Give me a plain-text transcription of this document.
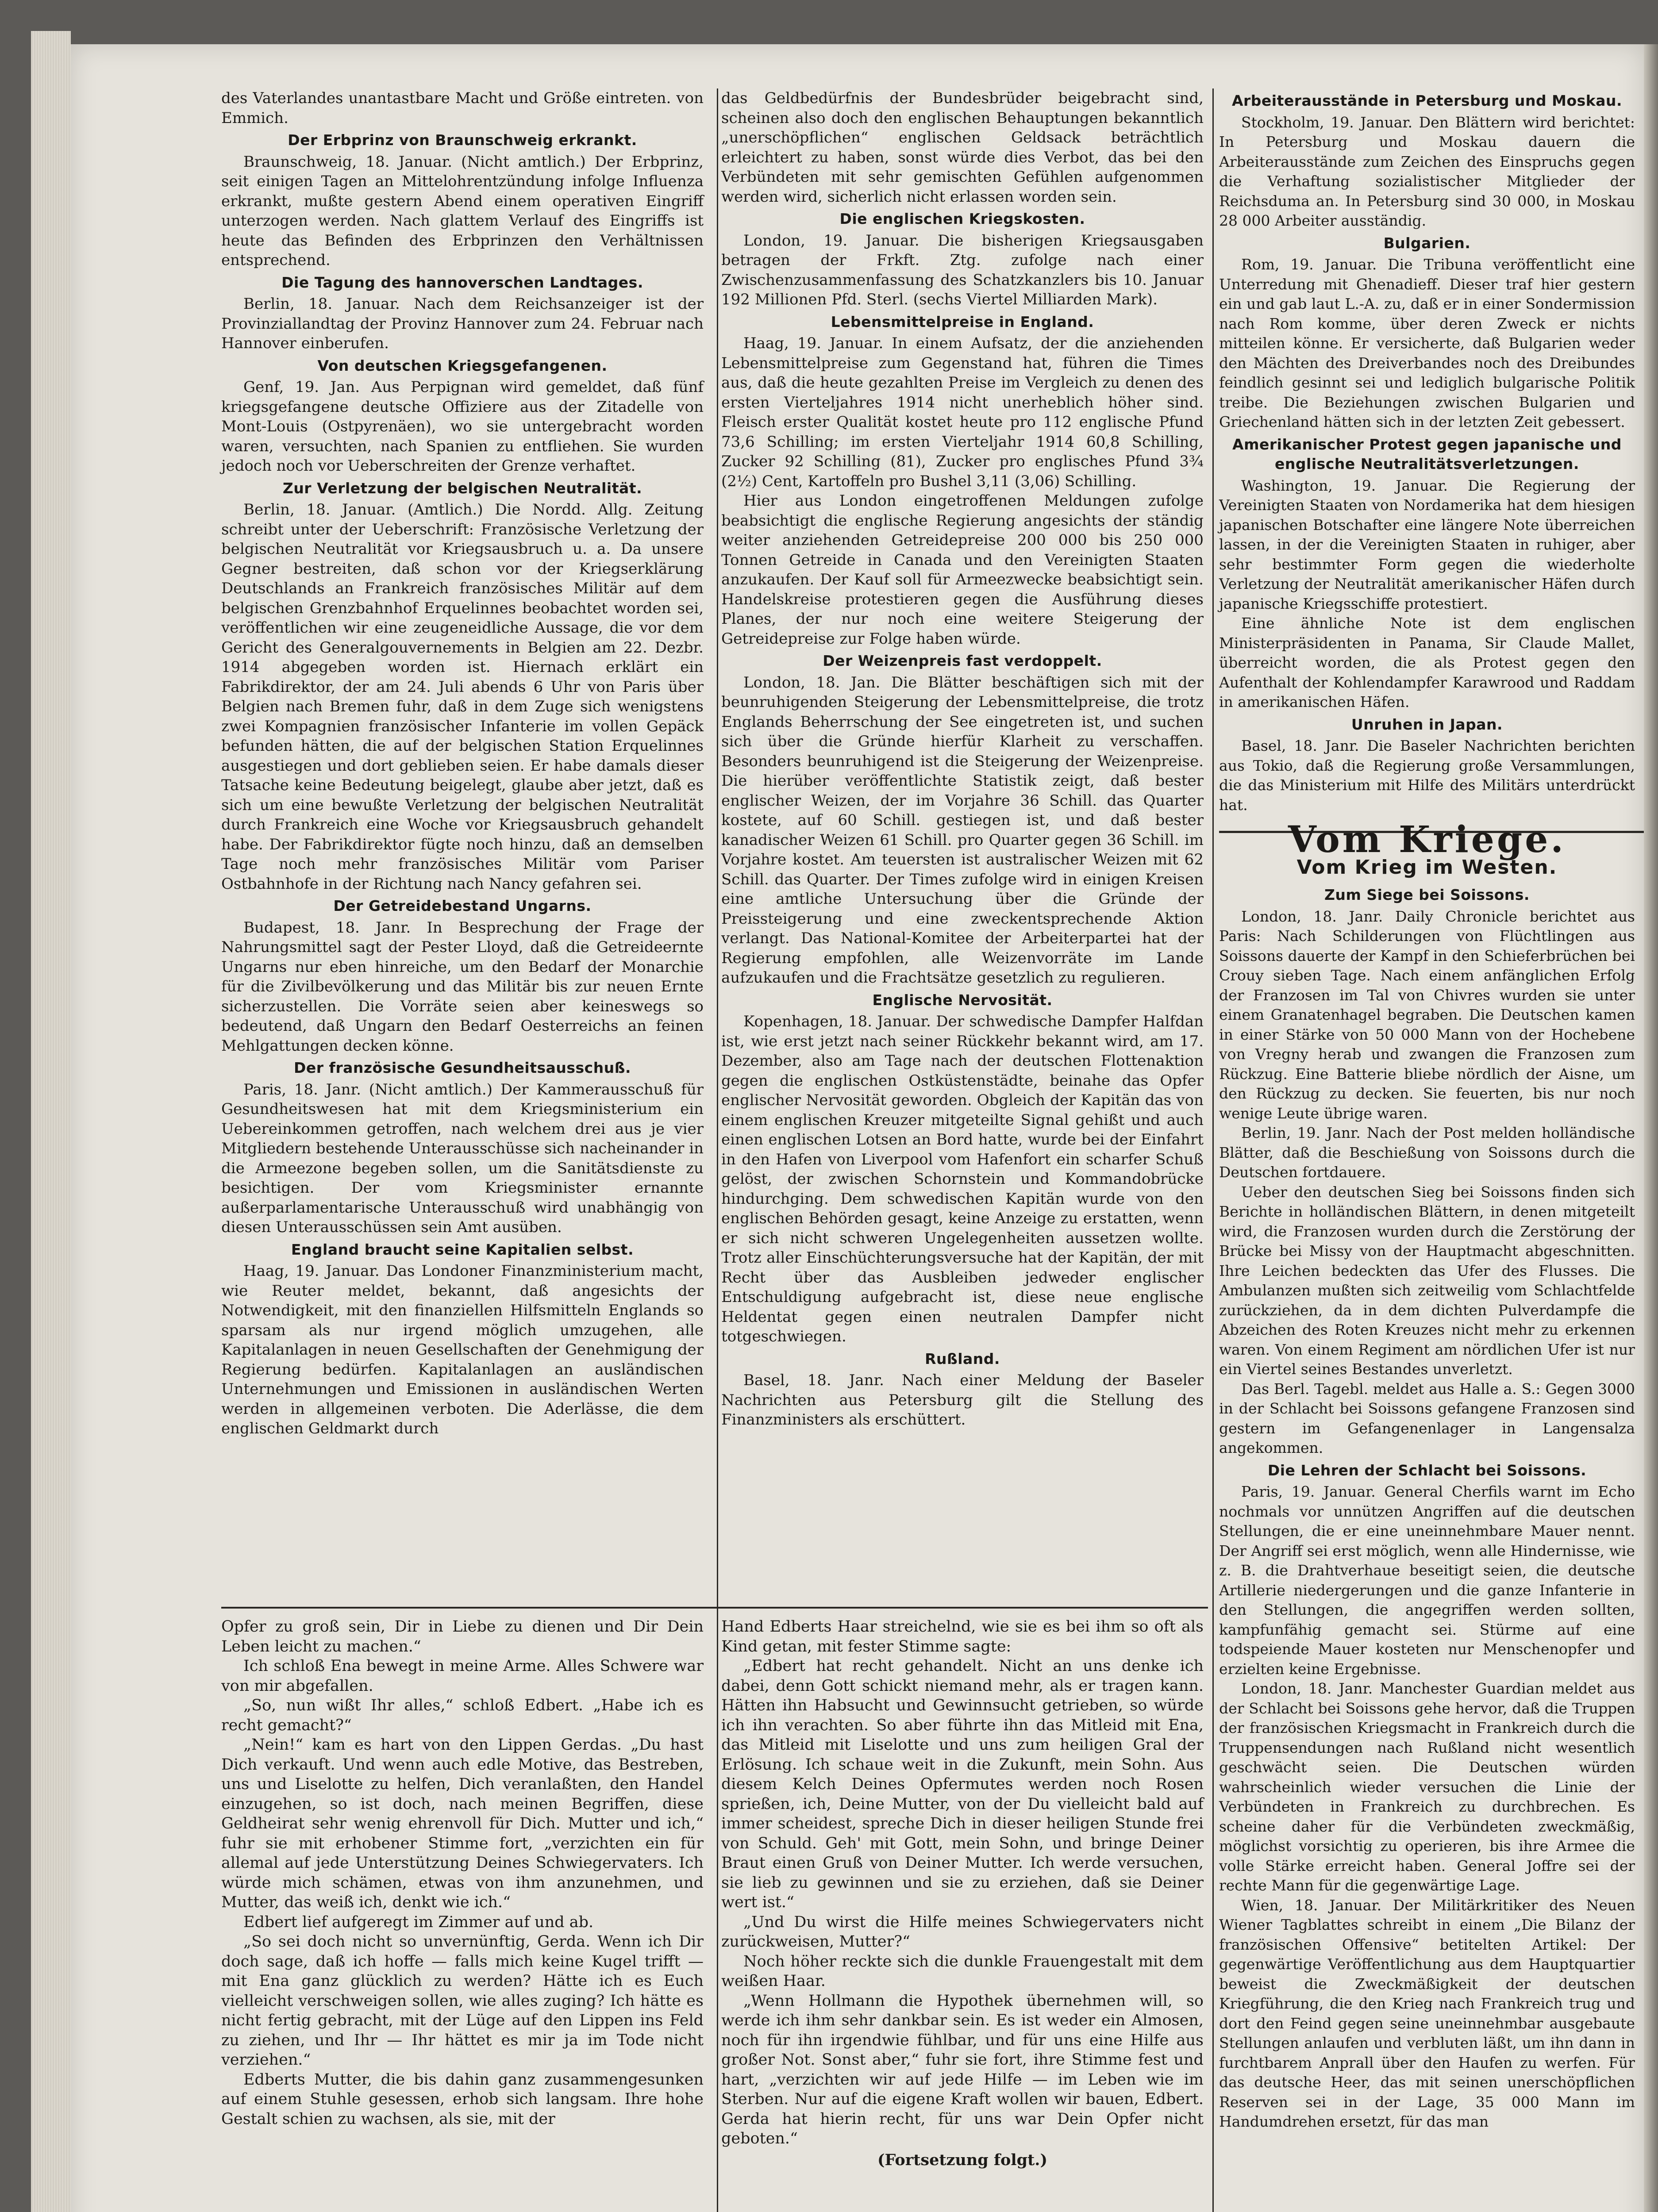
des Vaterlandes unantastbare Macht und Größe eintreten. von Emmich.

Der Erbprinz von Braunschweig erkrankt.

Braunschweig, 18. Januar. (Nicht amtlich.) Der Erbprinz, seit einigen Tagen an Mittelohrentzündung infolge Influenza erkrankt, mußte gestern Abend einem operativen Eingriff unterzogen werden. Nach glattem Verlauf des Eingriffs ist heute das Befinden des Erbprinzen den Verhältnissen entsprechend.

Die Tagung des hannoverschen Landtages.

Berlin, 18. Januar. Nach dem Reichsanzeiger ist der Provinziallandtag der Provinz Hannover zum 24. Februar nach Hannover einberufen.

Von deutschen Kriegsgefangenen.

Genf, 19. Jan. Aus Perpignan wird gemeldet, daß fünf kriegsgefangene deutsche Offiziere aus der Zitadelle von Mont-Louis (Ostpyrenäen), wo sie untergebracht worden waren, versuchten, nach Spanien zu entfliehen. Sie wurden jedoch noch vor Ueberschreiten der Grenze verhaftet.

Zur Verletzung der belgischen Neutralität.

Berlin, 18. Januar. (Amtlich.) Die Nordd. Allg. Zeitung schreibt unter der Ueberschrift: Französische Verletzung der belgischen Neutralität vor Kriegsausbruch u. a. Da unsere Gegner bestreiten, daß schon vor der Kriegserklärung Deutschlands an Frankreich französisches Militär auf dem belgischen Grenzbahnhof Erquelinnes beobachtet worden sei, veröffentlichen wir eine zeugeneidliche Aussage, die vor dem Gericht des Generalgouvernements in Belgien am 22. Dezbr. 1914 abgegeben worden ist. Hiernach erklärt ein Fabrikdirektor, der am 24. Juli abends 6 Uhr von Paris über Belgien nach Bremen fuhr, daß in dem Zuge sich wenigstens zwei Kompagnien französischer Infanterie im vollen Gepäck befunden hätten, die auf der belgischen Station Erquelinnes ausgestiegen und dort geblieben seien. Er habe damals dieser Tatsache keine Bedeutung beigelegt, glaube aber jetzt, daß es sich um eine bewußte Verletzung der belgischen Neutralität durch Frankreich eine Woche vor Kriegsausbruch gehandelt habe. Der Fabrikdirektor fügte noch hinzu, daß an demselben Tage noch mehr französisches Militär vom Pariser Ostbahnhofe in der Richtung nach Nancy gefahren sei.

Der Getreidebestand Ungarns.

Budapest, 18. Janr. In Besprechung der Frage der Nahrungsmittel sagt der Pester Lloyd, daß die Getreideernte Ungarns nur eben hinreiche, um den Bedarf der Monarchie für die Zivilbevölkerung und das Militär bis zur neuen Ernte sicherzustellen. Die Vorräte seien aber keineswegs so bedeutend, daß Ungarn den Bedarf Oesterreichs an feinen Mehlgattungen decken könne.

Der französische Gesundheitsausschuß.

Paris, 18. Janr. (Nicht amtlich.) Der Kammerausschuß für Gesundheitswesen hat mit dem Kriegsministerium ein Uebereinkommen getroffen, nach welchem drei aus je vier Mitgliedern bestehende Unterausschüsse sich nacheinander in die Armeezone begeben sollen, um die Sanitätsdienste zu besichtigen. Der vom Kriegsminister ernannte außerparlamentarische Unterausschuß wird unabhängig von diesen Unterausschüssen sein Amt ausüben.

England braucht seine Kapitalien selbst.

Haag, 19. Januar. Das Londoner Finanzministerium macht, wie Reuter meldet, bekannt, daß angesichts der Notwendigkeit, mit den finanziellen Hilfsmitteln Englands so sparsam als nur irgend möglich umzugehen, alle Kapitalanlagen in neuen Gesellschaften der Genehmigung der Regierung bedürfen. Kapitalanlagen an ausländischen Unternehmungen und Emissionen in ausländischen Werten werden in allgemeinen verboten. Die Aderlässe, die dem englischen Geldmarkt durch

das Geldbedürfnis der Bundesbrüder beigebracht sind, scheinen also doch den englischen Behauptungen bekanntlich „unerschöpflichen“ englischen Geldsack beträchtlich erleichtert zu haben, sonst würde dies Verbot, das bei den Verbündeten mit sehr gemischten Gefühlen aufgenommen werden wird, sicherlich nicht erlassen worden sein.

Die englischen Kriegskosten.

London, 19. Januar. Die bisherigen Kriegsausgaben betragen der Frkft. Ztg. zufolge nach einer Zwischenzusammenfassung des Schatzkanzlers bis 10. Januar 192 Millionen Pfd. Sterl. (sechs Viertel Milliarden Mark).

Lebensmittelpreise in England.

Haag, 19. Januar. In einem Aufsatz, der die anziehenden Lebensmittelpreise zum Gegenstand hat, führen die Times aus, daß die heute gezahlten Preise im Vergleich zu denen des ersten Vierteljahres 1914 nicht unerheblich höher sind. Fleisch erster Qualität kostet heute pro 112 englische Pfund 73,6 Schilling; im ersten Vierteljahr 1914 60,8 Schilling, Zucker 92 Schilling (81), Zucker pro englisches Pfund 3¾ (2½) Cent, Kartoffeln pro Bushel 3,11 (3,06) Schilling.

Hier aus London eingetroffenen Meldungen zufolge beabsichtigt die englische Regierung angesichts der ständig weiter anziehenden Getreidepreise 200 000 bis 250 000 Tonnen Getreide in Canada und den Vereinigten Staaten anzukaufen. Der Kauf soll für Armeezwecke beabsichtigt sein. Handelskreise protestieren gegen die Ausführung dieses Planes, der nur noch eine weitere Steigerung der Getreidepreise zur Folge haben würde.

Der Weizenpreis fast verdoppelt.

London, 18. Jan. Die Blätter beschäftigen sich mit der beunruhigenden Steigerung der Lebensmittelpreise, die trotz Englands Beherrschung der See eingetreten ist, und suchen sich über die Gründe hierfür Klarheit zu verschaffen. Besonders beunruhigend ist die Steigerung der Weizenpreise. Die hierüber veröffentlichte Statistik zeigt, daß bester englischer Weizen, der im Vorjahre 36 Schill. das Quarter kostete, auf 60 Schill. gestiegen ist, und daß bester kanadischer Weizen 61 Schill. pro Quarter gegen 36 Schill. im Vorjahre kostet. Am teuersten ist australischer Weizen mit 62 Schill. das Quarter. Der Times zufolge wird in einigen Kreisen eine amtliche Untersuchung über die Gründe der Preissteigerung und eine zweckentsprechende Aktion verlangt. Das National-Komitee der Arbeiterpartei hat der Regierung empfohlen, alle Weizenvorräte im Lande aufzukaufen und die Frachtsätze gesetzlich zu regulieren.

Englische Nervosität.

Kopenhagen, 18. Januar. Der schwedische Dampfer Halfdan ist, wie erst jetzt nach seiner Rückkehr bekannt wird, am 17. Dezember, also am Tage nach der deutschen Flottenaktion gegen die englischen Ostküstenstädte, beinahe das Opfer englischer Nervosität geworden. Obgleich der Kapitän das von einem englischen Kreuzer mitgeteilte Signal gehißt und auch einen englischen Lotsen an Bord hatte, wurde bei der Einfahrt in den Hafen von Liverpool vom Hafenfort ein scharfer Schuß gelöst, der zwischen Schornstein und Kommandobrücke hindurchging. Dem schwedischen Kapitän wurde von den englischen Behörden gesagt, keine Anzeige zu erstatten, wenn er sich nicht schweren Ungelegenheiten aussetzen wollte. Trotz aller Einschüchterungsversuche hat der Kapitän, der mit Recht über das Ausbleiben jedweder englischer Entschuldigung aufgebracht ist, diese neue englische Heldentat gegen einen neutralen Dampfer nicht totgeschwiegen.

Rußland.

Basel, 18. Janr. Nach einer Meldung der Baseler Nachrichten aus Petersburg gilt die Stellung des Finanzministers als erschüttert.

Arbeiterausstände in Petersburg und Moskau.

Stockholm, 19. Januar. Den Blättern wird berichtet: In Petersburg und Moskau dauern die Arbeiterausstände zum Zeichen des Einspruchs gegen die Verhaftung sozialistischer Mitglieder der Reichsduma an. In Petersburg sind 30 000, in Moskau 28 000 Arbeiter ausständig.

Bulgarien.

Rom, 19. Januar. Die Tribuna veröffentlicht eine Unterredung mit Ghenadieff. Dieser traf hier gestern ein und gab laut L.-A. zu, daß er in einer Sondermission nach Rom komme, über deren Zweck er nichts mitteilen könne. Er versicherte, daß Bulgarien weder den Mächten des Dreiverbandes noch des Dreibundes feindlich gesinnt sei und lediglich bulgarische Politik treibe. Die Beziehungen zwischen Bulgarien und Griechenland hätten sich in der letzten Zeit gebessert.

Amerikanischer Protest gegen japanische und englische Neutralitätsverletzungen.

Washington, 19. Januar. Die Regierung der Vereinigten Staaten von Nordamerika hat dem hiesigen japanischen Botschafter eine längere Note überreichen lassen, in der die Vereinigten Staaten in ruhiger, aber sehr bestimmter Form gegen die wiederholte Verletzung der Neutralität amerikanischer Häfen durch japanische Kriegsschiffe protestiert.

Eine ähnliche Note ist dem englischen Ministerpräsidenten in Panama, Sir Claude Mallet, überreicht worden, die als Protest gegen den Aufenthalt der Kohlendampfer Karawrood und Raddam in amerikanischen Häfen.

Unruhen in Japan.

Basel, 18. Janr. Die Baseler Nachrichten berichten aus Tokio, daß die Regierung große Versammlungen, die das Ministerium mit Hilfe des Militärs unterdrückt hat.

Vom Kriege.
Vom Krieg im Westen.
Zum Siege bei Soissons.

London, 18. Janr. Daily Chronicle berichtet aus Paris: Nach Schilderungen von Flüchtlingen aus Soissons dauerte der Kampf in den Schieferbrüchen bei Crouy sieben Tage. Nach einem anfänglichen Erfolg der Franzosen im Tal von Chivres wurden sie unter einem Granatenhagel begraben. Die Deutschen kamen in einer Stärke von 50 000 Mann von der Hochebene von Vregny herab und zwangen die Franzosen zum Rückzug. Eine Batterie bliebe nördlich der Aisne, um den Rückzug zu decken. Sie feuerten, bis nur noch wenige Leute übrige waren.

Berlin, 19. Janr. Nach der Post melden holländische Blätter, daß die Beschießung von Soissons durch die Deutschen fortdauere.

Ueber den deutschen Sieg bei Soissons finden sich Berichte in holländischen Blättern, in denen mitgeteilt wird, die Franzosen wurden durch die Zerstörung der Brücke bei Missy von der Hauptmacht abgeschnitten. Ihre Leichen bedeckten das Ufer des Flusses. Die Ambulanzen mußten sich zeitweilig vom Schlachtfelde zurückziehen, da in dem dichten Pulverdampfe die Abzeichen des Roten Kreuzes nicht mehr zu erkennen waren. Von einem Regiment am nördlichen Ufer ist nur ein Viertel seines Bestandes unverletzt.

Das Berl. Tagebl. meldet aus Halle a. S.: Gegen 3000 in der Schlacht bei Soissons gefangene Franzosen sind gestern im Gefangenenlager in Langensalza angekommen.

Die Lehren der Schlacht bei Soissons.

Paris, 19. Januar. General Cherfils warnt im Echo nochmals vor unnützen Angriffen auf die deutschen Stellungen, die er eine uneinnehmbare Mauer nennt. Der Angriff sei erst möglich, wenn alle Hindernisse, wie z. B. die Drahtverhaue beseitigt seien, die deutsche Artillerie niedergerungen und die ganze Infanterie in den Stellungen, die angegriffen werden sollten, kampfunfähig gemacht sei. Stürme auf eine todspeiende Mauer kosteten nur Menschenopfer und erzielten keine Ergebnisse.

London, 18. Janr. Manchester Guardian meldet aus der Schlacht bei Soissons gehe hervor, daß die Truppen der französischen Kriegsmacht in Frankreich durch die Truppensendungen nach Rußland nicht wesentlich geschwächt seien. Die Deutschen würden wahrscheinlich wieder versuchen die Linie der Verbündeten in Frankreich zu durchbrechen. Es scheine daher für die Verbündeten zweckmäßig, möglichst vorsichtig zu operieren, bis ihre Armee die volle Stärke erreicht haben. General Joffre sei der rechte Mann für die gegenwärtige Lage.

Wien, 18. Januar. Der Militärkritiker des Neuen Wiener Tagblattes schreibt in einem „Die Bilanz der französischen Offensive“ betitelten Artikel: Der gegenwärtige Veröffentlichung aus dem Hauptquartier beweist die Zweckmäßigkeit der deutschen Kriegführung, die den Krieg nach Frankreich trug und dort den Feind gegen seine uneinnehmbar ausgebaute Stellungen anlaufen und verbluten läßt, um ihn dann in furchtbarem Anprall über den Haufen zu werfen. Für das deutsche Heer, das mit seinen unerschöpflichen Reserven sei in der Lage, 35 000 Mann im Handumdrehen ersetzt, für das man

Opfer zu groß sein, Dir in Liebe zu dienen und Dir Dein Leben leicht zu machen.“

Ich schloß Ena bewegt in meine Arme. Alles Schwere war von mir abgefallen.

„So, nun wißt Ihr alles,“ schloß Edbert. „Habe ich es recht gemacht?“

„Nein!“ kam es hart von den Lippen Gerdas. „Du hast Dich verkauft. Und wenn auch edle Motive, das Bestreben, uns und Liselotte zu helfen, Dich veranlaßten, den Handel einzugehen, so ist doch, nach meinen Begriffen, diese Geldheirat sehr wenig ehrenvoll für Dich. Mutter und ich,“ fuhr sie mit erhobener Stimme fort, „verzichten ein für allemal auf jede Unterstützung Deines Schwiegervaters. Ich würde mich schämen, etwas von ihm anzunehmen, und Mutter, das weiß ich, denkt wie ich.“

Edbert lief aufgeregt im Zimmer auf und ab.

„So sei doch nicht so unvernünftig, Gerda. Wenn ich Dir doch sage, daß ich hoffe — falls mich keine Kugel trifft — mit Ena ganz glücklich zu werden? Hätte ich es Euch vielleicht verschweigen sollen, wie alles zuging? Ich hätte es nicht fertig gebracht, mit der Lüge auf den Lippen ins Feld zu ziehen, und Ihr — Ihr hättet es mir ja im Tode nicht verziehen.“

Edberts Mutter, die bis dahin ganz zusammengesunken auf einem Stuhle gesessen, erhob sich langsam. Ihre hohe Gestalt schien zu wachsen, als sie, mit der

Hand Edberts Haar streichelnd, wie sie es bei ihm so oft als Kind getan, mit fester Stimme sagte:

„Edbert hat recht gehandelt. Nicht an uns denke ich dabei, denn Gott schickt niemand mehr, als er tragen kann. Hätten ihn Habsucht und Gewinnsucht getrieben, so würde ich ihn verachten. So aber führte ihn das Mitleid mit Ena, das Mitleid mit Liselotte und uns zum heiligen Gral der Erlösung. Ich schaue weit in die Zukunft, mein Sohn. Aus diesem Kelch Deines Opfermutes werden noch Rosen sprießen, ich, Deine Mutter, von der Du vielleicht bald auf immer scheidest, spreche Dich in dieser heiligen Stunde frei von Schuld. Geh' mit Gott, mein Sohn, und bringe Deiner Braut einen Gruß von Deiner Mutter. Ich werde versuchen, sie lieb zu gewinnen und sie zu erziehen, daß sie Deiner wert ist.“

„Und Du wirst die Hilfe meines Schwiegervaters nicht zurückweisen, Mutter?“

Noch höher reckte sich die dunkle Frauengestalt mit dem weißen Haar.

„Wenn Hollmann die Hypothek übernehmen will, so werde ich ihm sehr dankbar sein. Es ist weder ein Almosen, noch für ihn irgendwie fühlbar, und für uns eine Hilfe aus großer Not. Sonst aber,“ fuhr sie fort, ihre Stimme fest und hart, „verzichten wir auf jede Hilfe — im Leben wie im Sterben. Nur auf die eigene Kraft wollen wir bauen, Edbert. Gerda hat hierin recht, für uns war Dein Opfer nicht geboten.“

(Fortsetzung folgt.)
